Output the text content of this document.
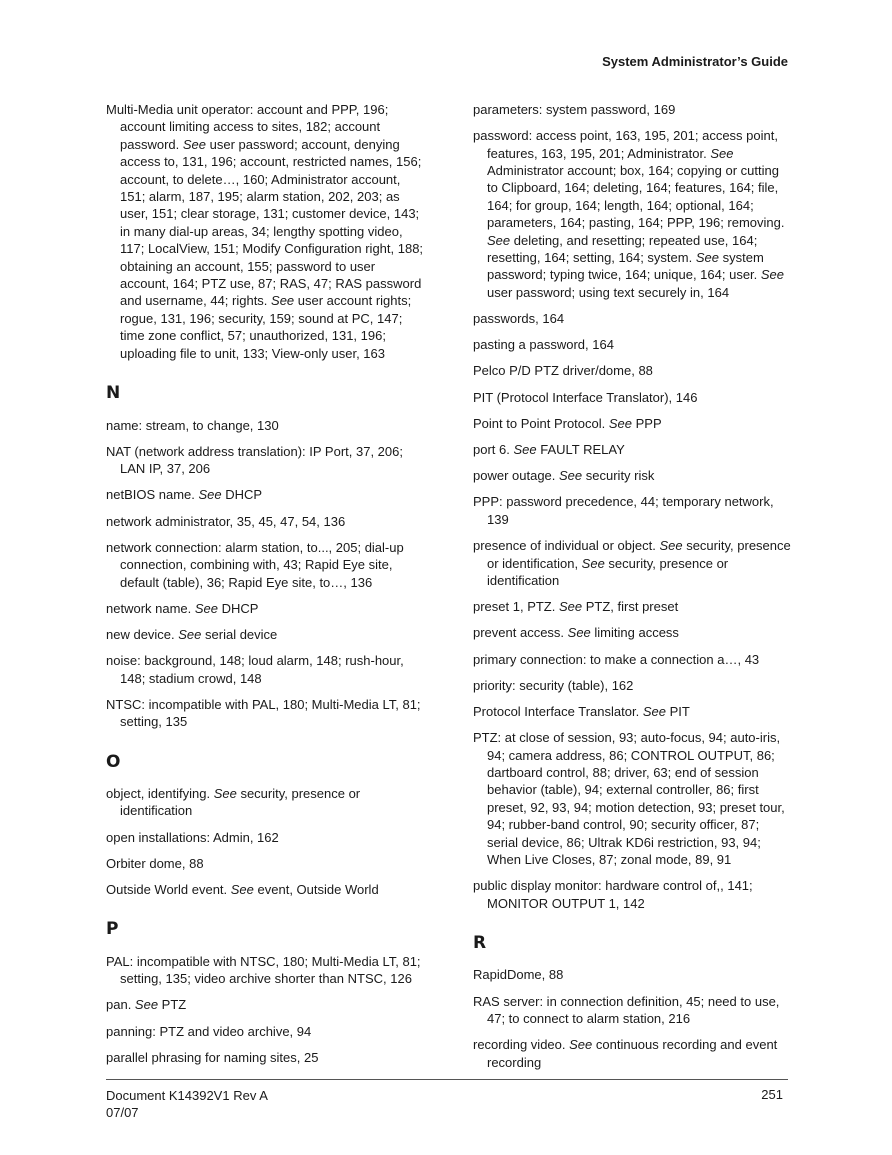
System Administrator’s Guide
Multi-Media unit operator: account and PPP, 196; account limiting access to sites, 182; account password. See user password; account, denying access to, 131, 196; account, restricted names, 156; account, to delete…, 160; Administrator account, 151; alarm, 187, 195; alarm station, 202, 203; as user, 151; clear storage, 131; customer device, 143; in many dial-up areas, 34; lengthy spotting video, 117; LocalView, 151; Modify Configuration right, 188; obtaining an account, 155; password to user account, 164; PTZ use, 87; RAS, 47; RAS password and username, 44; rights. See user account rights; rogue, 131, 196; security, 159; sound at PC, 147; time zone conflict, 57; unauthorized, 131, 196; uploading file to unit, 133; View-only user, 163
N
name: stream, to change, 130
NAT (network address translation): IP Port, 37, 206; LAN IP, 37, 206
netBIOS name. See DHCP
network administrator, 35, 45, 47, 54, 136
network connection: alarm station, to..., 205; dial-up connection, combining with, 43; Rapid Eye site, default (table), 36; Rapid Eye site, to…, 136
network name. See DHCP
new device. See serial device
noise: background, 148; loud alarm, 148; rush-hour, 148; stadium crowd, 148
NTSC: incompatible with PAL, 180; Multi-Media LT, 81; setting, 135
O
object, identifying. See security, presence or identification
open installations: Admin, 162
Orbiter dome, 88
Outside World event. See event, Outside World
P
PAL: incompatible with NTSC, 180; Multi-Media LT, 81; setting, 135; video archive shorter than NTSC, 126
pan. See PTZ
panning: PTZ and video archive, 94
parallel phrasing for naming sites, 25
parameters: system password, 169
password: access point, 163, 195, 201; access point, features, 163, 195, 201; Administrator. See Administrator account; box, 164; copying or cutting to Clipboard, 164; deleting, 164; features, 164; file, 164; for group, 164; length, 164; optional, 164; parameters, 164; pasting, 164; PPP, 196; removing. See deleting, and resetting; repeated use, 164; resetting, 164; setting, 164; system. See system password; typing twice, 164; unique, 164; user. See user password; using text securely in, 164
passwords, 164
pasting a password, 164
Pelco P/D PTZ driver/dome, 88
PIT (Protocol Interface Translator), 146
Point to Point Protocol. See PPP
port 6. See FAULT RELAY
power outage. See security risk
PPP: password precedence, 44; temporary network, 139
presence of individual or object. See security, presence or identification, See security, presence or identification
preset 1, PTZ. See PTZ, first preset
prevent access. See limiting access
primary connection: to make a connection a…, 43
priority: security (table), 162
Protocol Interface Translator. See PIT
PTZ: at close of session, 93; auto-focus, 94; auto-iris, 94; camera address, 86; CONTROL OUTPUT, 86; dartboard control, 88; driver, 63; end of session behavior (table), 94; external controller, 86; first preset, 92, 93, 94; motion detection, 93; preset tour, 94; rubber-band control, 90; security officer, 87; serial device, 86; Ultrak KD6i restriction, 93, 94; When Live Closes, 87; zonal mode, 89, 91
public display monitor: hardware control of,, 141; MONITOR OUTPUT 1, 142
R
RapidDome, 88
RAS server: in connection definition, 45; need to use, 47; to connect to alarm station, 216
recording video. See continuous recording and event recording
Document K14392V1 Rev A
07/07
251
